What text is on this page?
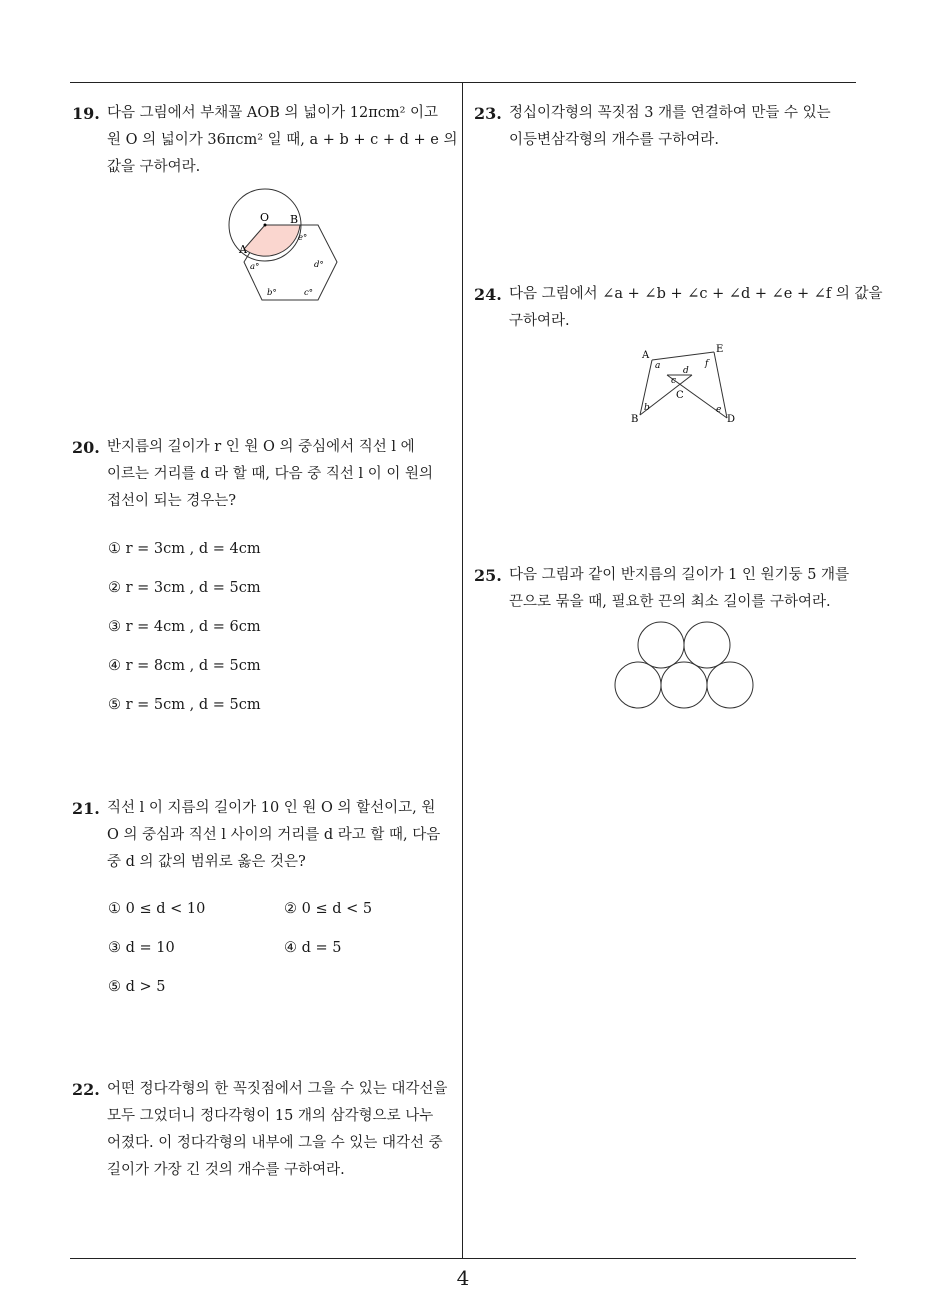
19. 다음 그림에서 부채꼴 AOB 의 넓이가 12πcm² 이고
원 O 의 넓이가 36πcm² 일 때, a + b + c + d + e 의
값을 구하여라.
O B
A
a°
b°	c°
d°
e°
20. 반지름의 길이가 r 인 원 O 의 중심에서 직선 l 에
이르는 거리를 d 라 할 때, 다음 중 직선 l 이 이 원의
접선이 되는 경우는?
① r = 3cm , d = 4cm
② r = 3cm , d = 5cm
③ r = 4cm , d = 6cm
④ r = 8cm , d = 5cm
⑤ r = 5cm , d = 5cm
21. 직선 l 이 지름의 길이가 10 인 원 O 의 할선이고, 원
O 의 중심과 직선 l 사이의 거리를 d 라고 할 때, 다음
중 d 의 값의 범위로 옳은 것은?
① 0 ≤ d < 10	② 0 ≤ d < 5
③ d = 10	④ d = 5
⑤ d > 5
22. 어떤 정다각형의 한 꼭짓점에서 그을 수 있는 대각선을
모두 그었더니 정다각형이 15 개의 삼각형으로 나누
어졌다. 이 정다각형의 내부에 그을 수 있는 대각선 중
길이가 가장 긴 것의 개수를 구하여라.
23. 정십이각형의 꼭짓점 3 개를 연결하여 만들 수 있는
이등변삼각형의 개수를 구하여라.
24. 다음 그림에서 ∠a + ∠b + ∠c + ∠d + ∠e + ∠f 의 값을
구하여라.
A
B
C
D
E
a
b
c
d
e
f
25. 다음 그림과 같이 반지름의 길이가 1 인 원기둥 5 개를
끈으로 묶을 때, 필요한 끈의 최소 길이를 구하여라.
4
